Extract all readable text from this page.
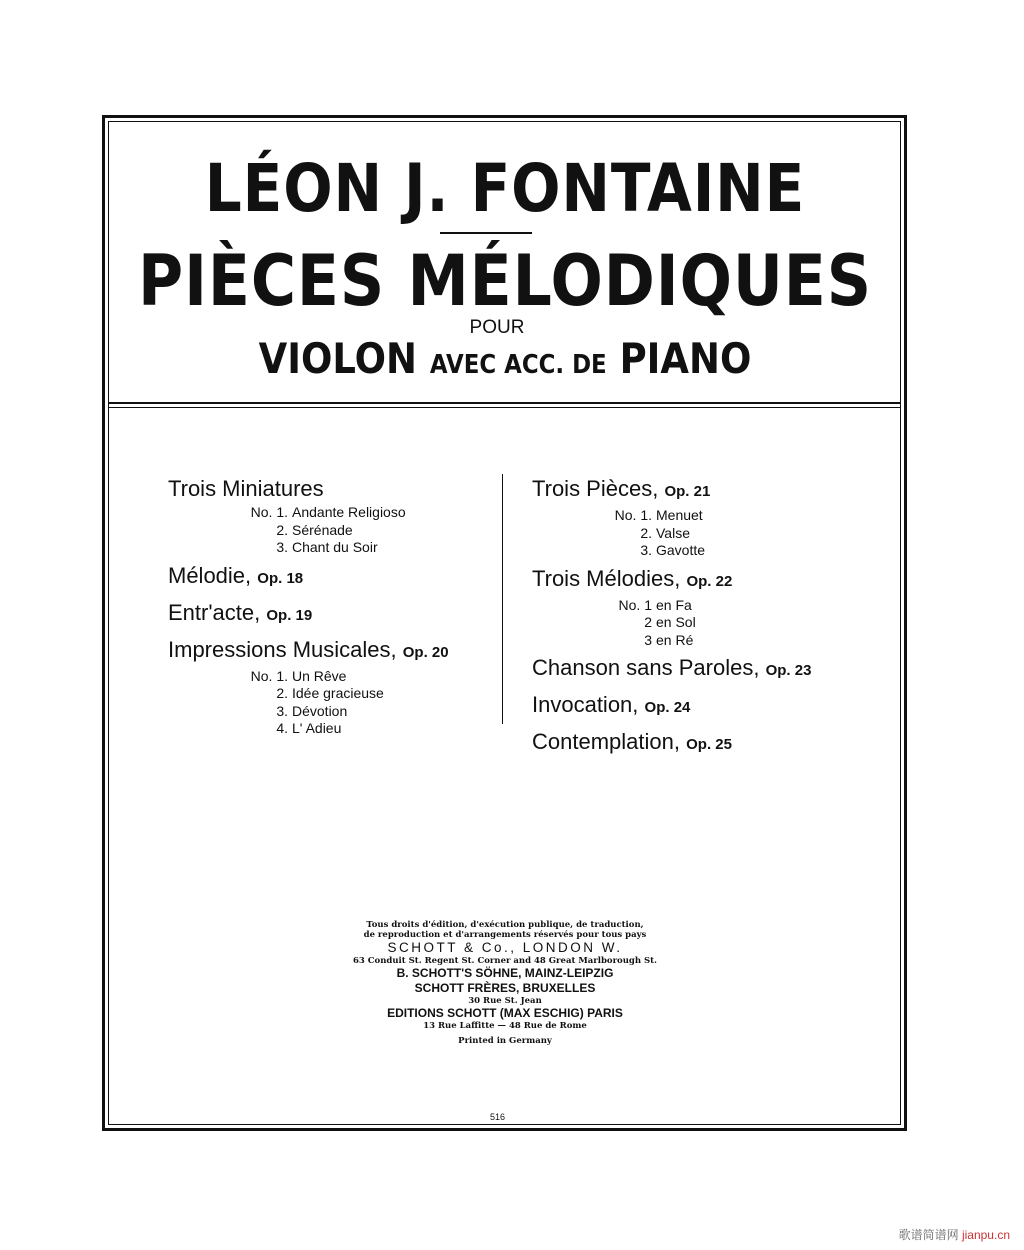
LÉON J. FONTAINE
PIÈCES MÉLODIQUES
POUR
VIOLON AVEC ACC. DE PIANO
Trois Miniatures
No. 1. Andante Religioso
2. Sérénade
3. Chant du Soir
Mélodie, Op. 18
Entr'acte, Op. 19
Impressions Musicales, Op. 20
No. 1. Un Rêve
2. Idée gracieuse
3. Dévotion
4. L' Adieu
Trois Pièces, Op. 21
No. 1. Menuet
2. Valse
3. Gavotte
Trois Mélodies, Op. 22
No. 1 en Fa
2 en Sol
3 en Ré
Chanson sans Paroles, Op. 23
Invocation, Op. 24
Contemplation, Op. 25
Tous droits d'édition, d'exécution publique, de traduction,
de reproduction et d'arrangements réservés pour tous pays
SCHOTT & Co., LONDON W.
63 Conduit St. Regent St. Corner and 48 Great Marlborough St.
B. SCHOTT'S SÖHNE, MAINZ-LEIPZIG
SCHOTT FRÈRES, BRUXELLES
30 Rue St. Jean
EDITIONS SCHOTT (MAX ESCHIG) PARIS
13 Rue Laffitte — 48 Rue de Rome
Printed in Germany
516
歌谱简谱网 jianpu.cn
